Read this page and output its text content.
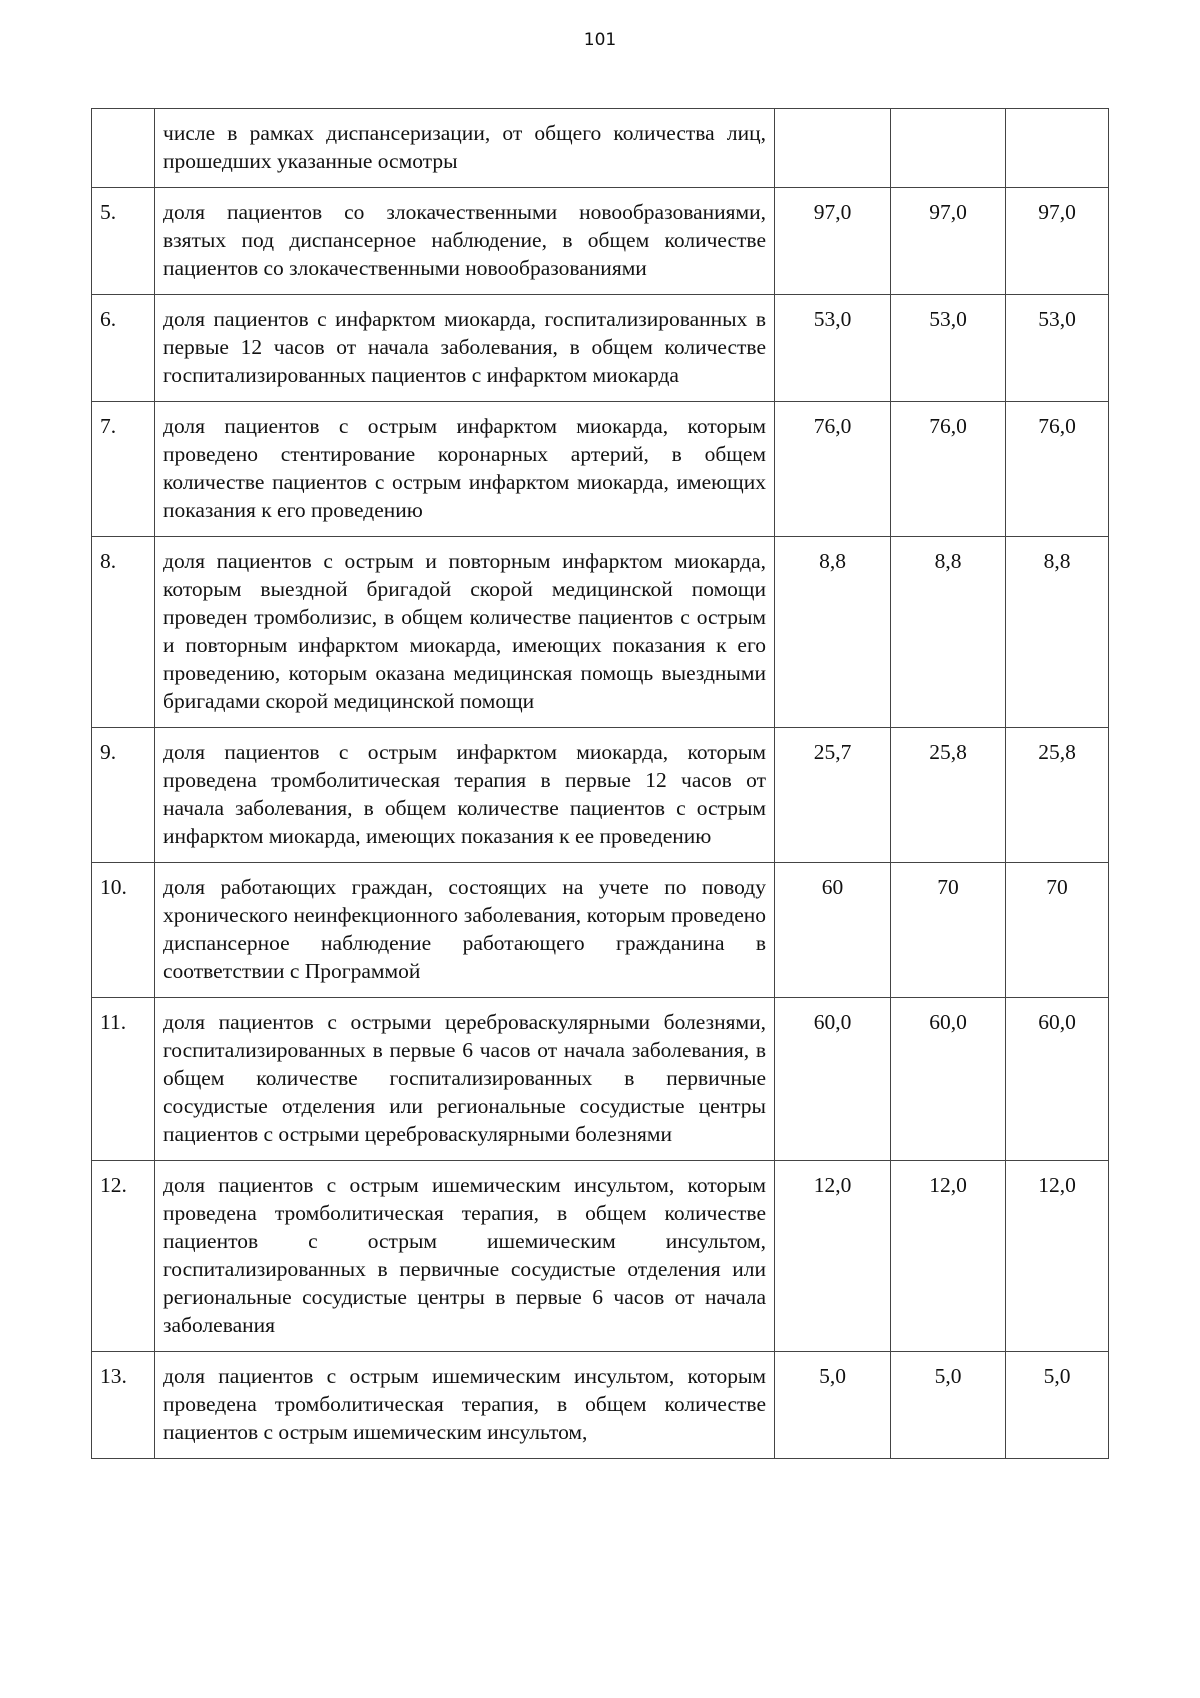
101
	числе в рамках диспансеризации, от общего количества лиц, прошедших указанные осмотры			
5.	доля пациентов со злокачественными новообразованиями, взятых под диспансерное наблюдение, в общем количестве пациентов со злокачественными новообразованиями	97,0	97,0	97,0
6.	доля пациентов с инфарктом миокарда, госпитализированных в первые 12 часов от начала заболевания, в общем количестве госпитализированных пациентов с инфарктом миокарда	53,0	53,0	53,0
7.	доля пациентов с острым инфарктом миокарда, которым проведено стентирование коронарных артерий, в общем количестве пациентов с острым инфарктом миокарда, имеющих показания к его проведению	76,0	76,0	76,0
8.	доля пациентов с острым и повторным инфарктом миокарда, которым выездной бригадой скорой медицинской помощи проведен тромболизис, в общем количестве пациентов с острым и повторным инфарктом миокарда, имеющих показания к его проведению, которым оказана медицинская помощь выездными бригадами скорой медицинской помощи	8,8	8,8	8,8
9.	доля пациентов с острым инфарктом миокарда, которым проведена тромболитическая терапия в первые 12 часов от начала заболевания, в общем количестве пациентов с острым инфарктом миокарда, имеющих показания к ее проведению	25,7	25,8	25,8
10.	доля работающих граждан, состоящих на учете по поводу хронического неинфекционного заболевания, которым проведено диспансерное наблюдение работающего гражданина в соответствии с Программой	60	70	70
11.	доля пациентов с острыми цереброваскулярными болезнями, госпитализированных в первые 6 часов от начала заболевания, в общем количестве госпитализированных в первичные сосудистые отделения или региональные сосудистые центры пациентов с острыми цереброваскулярными болезнями	60,0	60,0	60,0
12.	доля пациентов с острым ишемическим инсультом, которым проведена тромболитическая терапия, в общем количестве пациентов с острым ишемическим инсультом, госпитализированных в первичные сосудистые отделения или региональные сосудистые центры в первые 6 часов от начала заболевания	12,0	12,0	12,0
13.	доля пациентов с острым ишемическим инсультом, которым проведена тромболитическая терапия, в общем количестве пациентов с острым ишемическим инсультом,	5,0	5,0	5,0
